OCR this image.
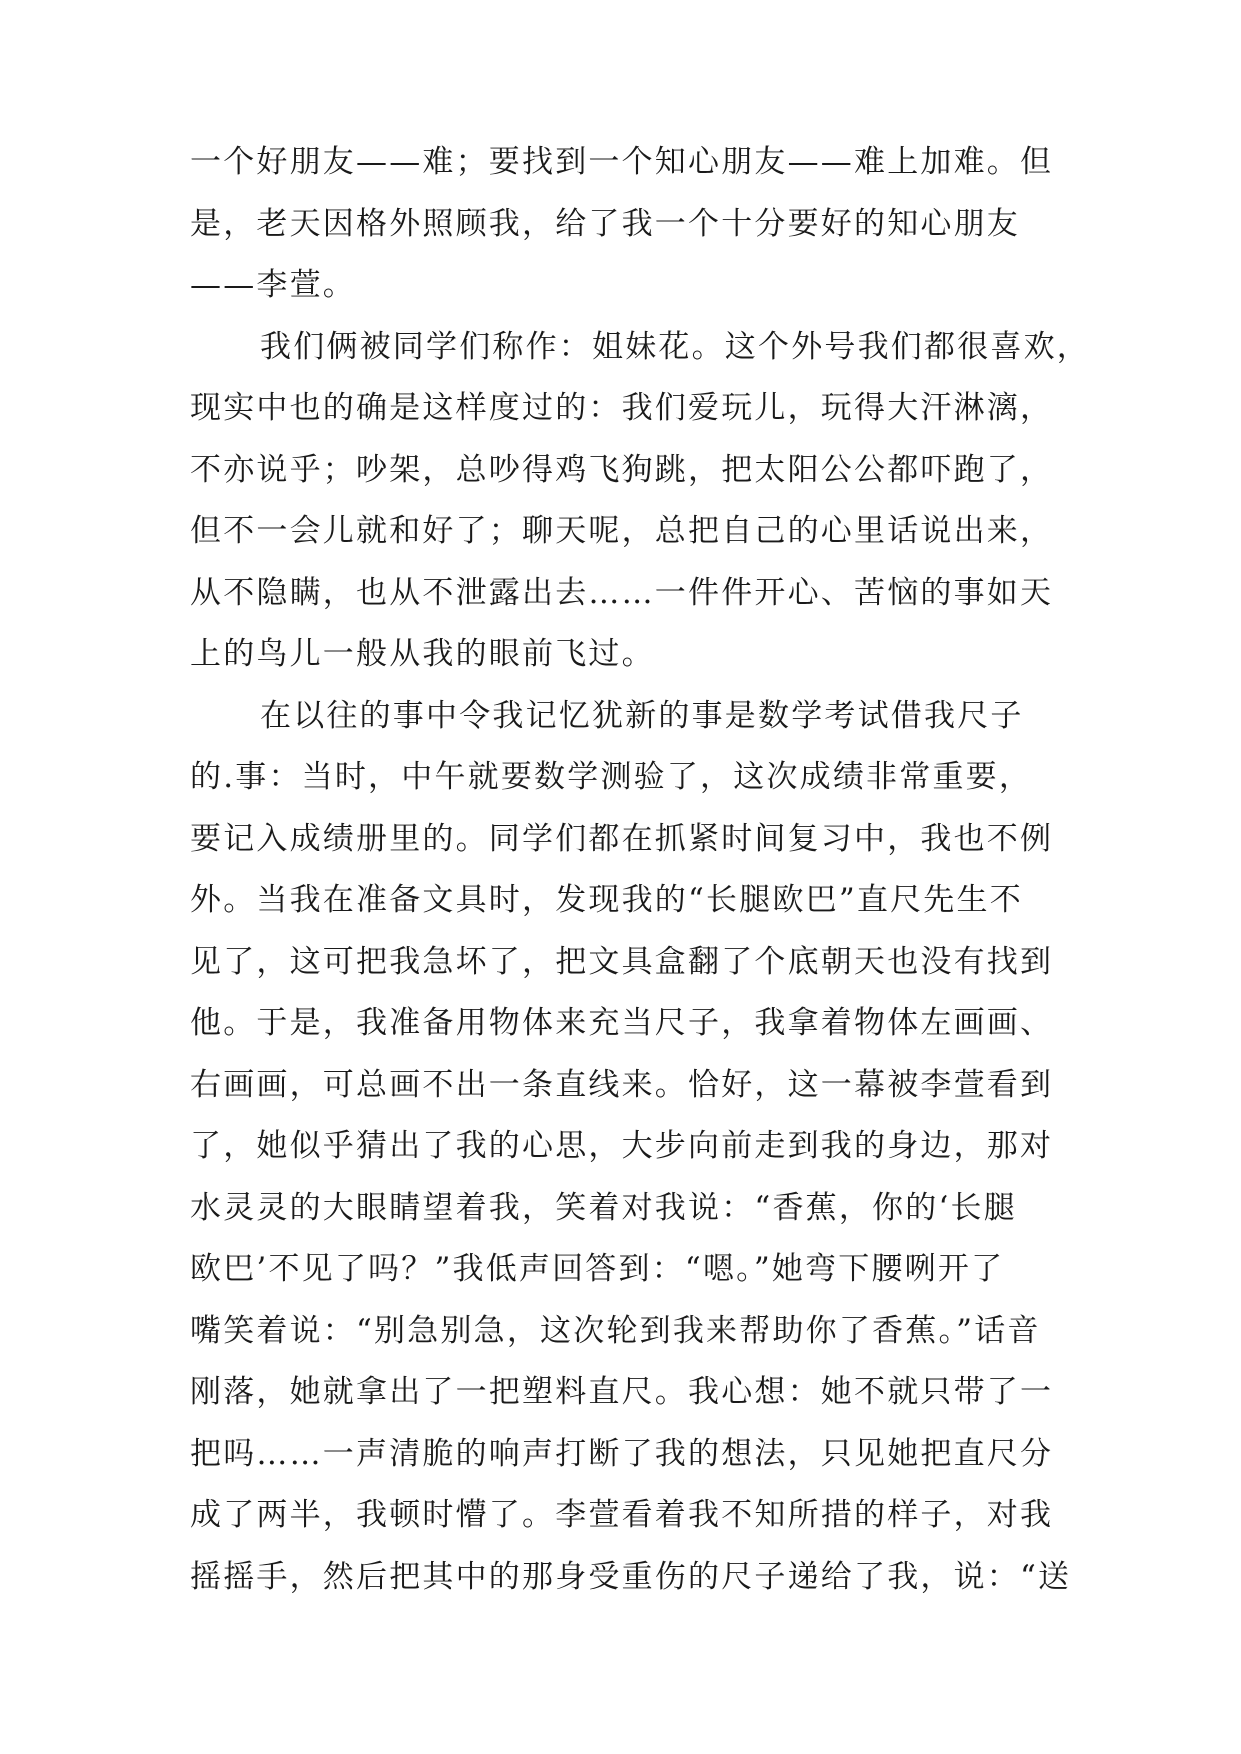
一个好朋友——难；要找到一个知心朋友——难上加难。但
是，老天因格外照顾我，给了我一个十分要好的知心朋友
——李萱。
我们俩被同学们称作：姐妹花。这个外号我们都很喜欢，
现实中也的确是这样度过的：我们爱玩儿，玩得大汗淋漓，
不亦说乎；吵架，总吵得鸡飞狗跳，把太阳公公都吓跑了，
但不一会儿就和好了；聊天呢，总把自己的心里话说出来，
从不隐瞒，也从不泄露出去……一件件开心、苦恼的事如天
上的鸟儿一般从我的眼前飞过。
在以往的事中令我记忆犹新的事是数学考试借我尺子
的.事：当时，中午就要数学测验了，这次成绩非常重要，
要记入成绩册里的。同学们都在抓紧时间复习中，我也不例
外。当我在准备文具时，发现我的“长腿欧巴”直尺先生不
见了，这可把我急坏了，把文具盒翻了个底朝天也没有找到
他。于是，我准备用物体来充当尺子，我拿着物体左画画、
右画画，可总画不出一条直线来。恰好，这一幕被李萱看到
了，她似乎猜出了我的心思，大步向前走到我的身边，那对
水灵灵的大眼睛望着我，笑着对我说：“香蕉，你的‘长腿
欧巴’不见了吗？”我低声回答到：“嗯。”她弯下腰咧开了
嘴笑着说：“别急别急，这次轮到我来帮助你了香蕉。”话音
刚落，她就拿出了一把塑料直尺。我心想：她不就只带了一
把吗……一声清脆的响声打断了我的想法，只见她把直尺分
成了两半，我顿时懵了。李萱看着我不知所措的样子，对我
摇摇手，然后把其中的那身受重伤的尺子递给了我，说：“送
